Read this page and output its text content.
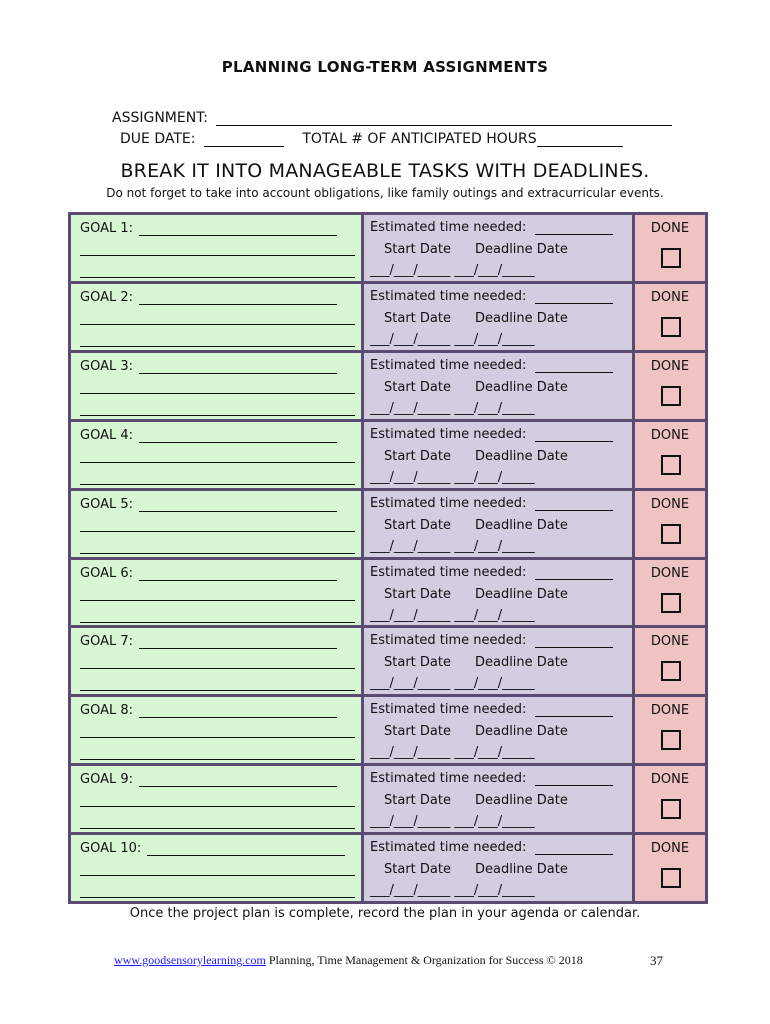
PLANNING LONG-TERM ASSIGNMENTS
ASSIGNMENT:
DUE DATE:	TOTAL # OF ANTICIPATED HOURS
BREAK IT INTO MANAGEABLE TASKS WITH DEADLINES.
Do not forget to take into account obligations, like family outings and extracurricular events.
GOAL 1:	Estimated time needed:
Start Date Deadline Date
___/___/_____ ___/___/_____
DONE
GOAL 2:	Estimated time needed:
Start Date Deadline Date
___/___/_____ ___/___/_____
DONE
GOAL 3:	Estimated time needed:
Start Date Deadline Date
___/___/_____ ___/___/_____
DONE
GOAL 4:	Estimated time needed:
Start Date Deadline Date
___/___/_____ ___/___/_____
DONE
GOAL 5:	Estimated time needed:
Start Date Deadline Date
___/___/_____ ___/___/_____
DONE
GOAL 6:	Estimated time needed:
Start Date Deadline Date
___/___/_____ ___/___/_____
DONE
GOAL 7:	Estimated time needed:
Start Date Deadline Date
___/___/_____ ___/___/_____
DONE
GOAL 8:	Estimated time needed:
Start Date Deadline Date
___/___/_____ ___/___/_____
DONE
GOAL 9:	Estimated time needed:
Start Date Deadline Date
___/___/_____ ___/___/_____
DONE
GOAL 10:	Estimated time needed:
Start Date Deadline Date
___/___/_____ ___/___/_____
DONE
Once the project plan is complete, record the plan in your agenda or calendar.
www.goodsensorylearning.com Planning, Time Management & Organization for Success © 2018	37
